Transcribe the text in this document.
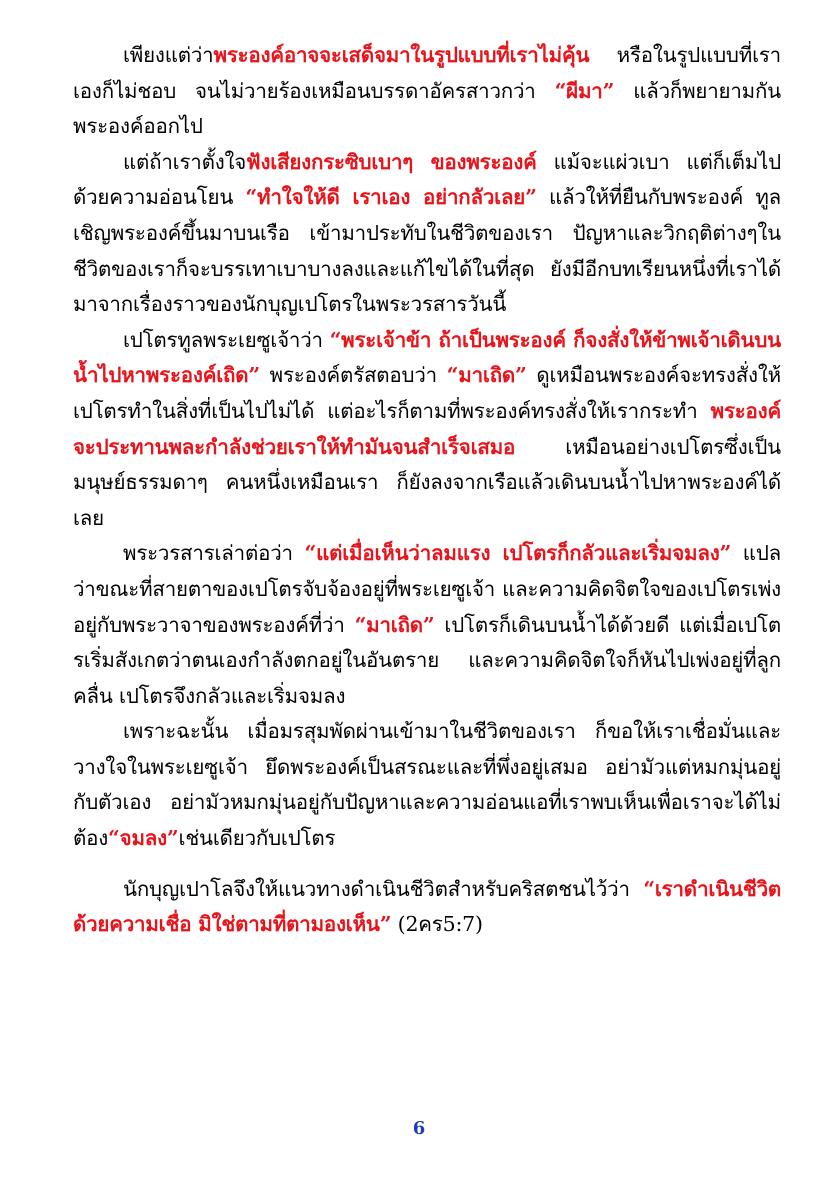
เพียงแต่ว่าพระองค์อาจจะเสด็จมาในรูปแบบที่เราไม่คุ้น หรือในรูปแบบที่เราเองก็ไม่ชอบ จนไม่วายร้องเหมือนบรรดาอัครสาวกว่า “ผีมา” แล้วก็พยายามกันพระองค์ออกไป

แต่ถ้าเราตั้งใจฟังเสียงกระซิบเบาๆ ของพระองค์ แม้จะแผ่วเบา แต่ก็เต็มไปด้วยความอ่อนโยน “ทำใจให้ดี เราเอง อย่ากลัวเลย” แล้วให้ที่ยืนกับพระองค์ ทูลเชิญพระองค์ขึ้นมาบนเรือ เข้ามาประทับในชีวิตของเรา ปัญหาและวิกฤติต่างๆในชีวิตของเราก็จะบรรเทาเบาบางลงและแก้ไขได้ในที่สุด ยังมีอีกบทเรียนหนึ่งที่เราได้มาจากเรื่องราวของนักบุญเปโตรในพระวรสารวันนี้

เปโตรทูลพระเยซูเจ้าว่า “พระเจ้าข้า ถ้าเป็นพระองค์ ก็จงสั่งให้ข้าพเจ้าเดินบนน้ำไปหาพระองค์เถิด” พระองค์ตรัสตอบว่า “มาเถิด” ดูเหมือนพระองค์จะทรงสั่งให้เปโตรทำในสิ่งที่เป็นไปไม่ได้ แต่อะไรก็ตามที่พระองค์ทรงสั่งให้เรากระทำ พระองค์จะประทานพละกำลังช่วยเราให้ทำมันจนสำเร็จเสมอ เหมือนอย่างเปโตรซึ่งเป็นมนุษย์ธรรมดาๆ คนหนึ่งเหมือนเรา ก็ยังลงจากเรือแล้วเดินบนน้ำไปหาพระองค์ได้เลย

พระวรสารเล่าต่อว่า “แต่เมื่อเห็นว่าลมแรง เปโตรก็กลัวและเริ่มจมลง” แปลว่าขณะที่สายตาของเปโตรจับจ้องอยู่ที่พระเยซูเจ้า และความคิดจิตใจของเปโตรเพ่งอยู่กับพระวาจาของพระองค์ที่ว่า “มาเถิด” เปโตรก็เดินบนน้ำได้ด้วยดี แต่เมื่อเปโตรเริ่มสังเกตว่าตนเองกำลังตกอยู่ในอันตราย และความคิดจิตใจก็หันไปเพ่งอยู่ที่ลูกคลื่น เปโตรจึงกลัวและเริ่มจมลง

เพราะฉะนั้น เมื่อมรสุมพัดผ่านเข้ามาในชีวิตของเรา ก็ขอให้เราเชื่อมั่นและวางใจในพระเยซูเจ้า ยึดพระองค์เป็นสรณะและที่พึ่งอยู่เสมอ อย่ามัวแต่หมกมุ่นอยู่กับตัวเอง อย่ามัวหมกมุ่นอยู่กับปัญหาและความอ่อนแอที่เราพบเห็นเพื่อเราจะได้ไม่ต้อง“จมลง”เช่นเดียวกับเปโตร

นักบุญเปาโลจึงให้แนวทางดำเนินชีวิตสำหรับคริสตชนไว้ว่า “เราดำเนินชีวิตด้วยความเชื่อ มิใช่ตามที่ตามองเห็น” (2คร5:7)

6
